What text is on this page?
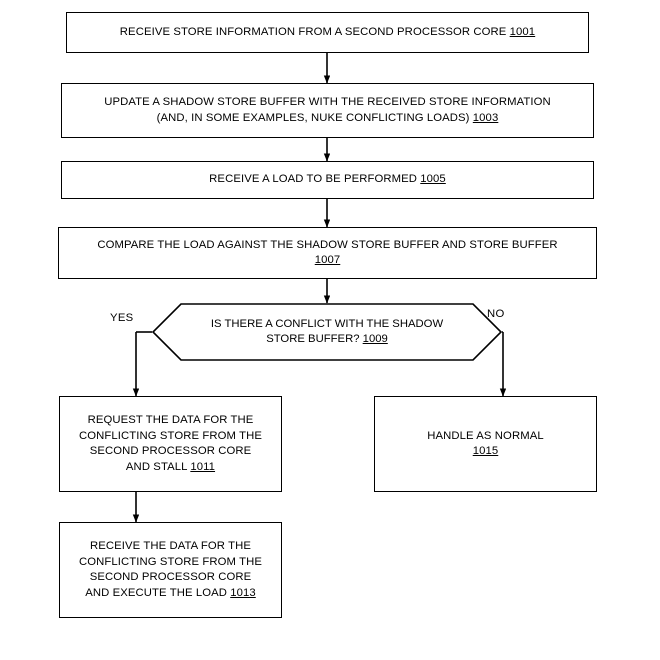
RECEIVE STORE INFORMATION FROM A SECOND PROCESSOR CORE 1001
UPDATE A SHADOW STORE BUFFER WITH THE RECEIVED STORE INFORMATION
(AND, IN SOME EXAMPLES, NUKE CONFLICTING LOADS) 1003
RECEIVE A LOAD TO BE PERFORMED 1005
COMPARE THE LOAD AGAINST THE SHADOW STORE BUFFER AND STORE BUFFER
1007
IS THERE A CONFLICT WITH THE SHADOW
STORE BUFFER? 1009
YES	NO
REQUEST THE DATA FOR THE
CONFLICTING STORE FROM THE
SECOND PROCESSOR CORE
AND STALL 1011
RECEIVE THE DATA FOR THE
CONFLICTING STORE FROM THE
SECOND PROCESSOR CORE
AND EXECUTE THE LOAD 1013
HANDLE AS NORMAL
1015
